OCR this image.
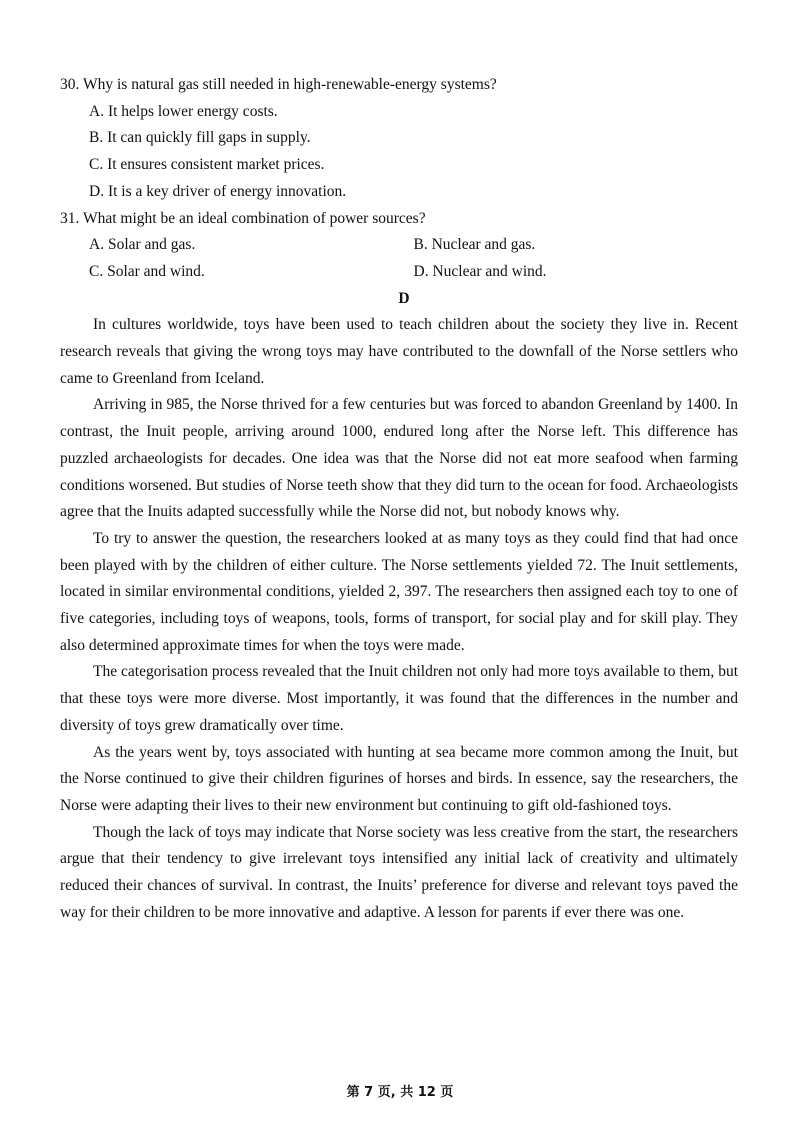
30. Why is natural gas still needed in high-renewable-energy systems?

A. It helps lower energy costs.

B. It can quickly fill gaps in supply.

C. It ensures consistent market prices.

D. It is a key driver of energy innovation.

31. What might be an ideal combination of power sources?

A. Solar and gas.	B. Nuclear and gas.
C. Solar and wind.	D. Nuclear and wind.

D

In cultures worldwide, toys have been used to teach children about the society they live in. Recent research reveals that giving the wrong toys may have contributed to the downfall of the Norse settlers who came to Greenland from Iceland.

Arriving in 985, the Norse thrived for a few centuries but was forced to abandon Greenland by 1400. In contrast, the Inuit people, arriving around 1000, endured long after the Norse left. This difference has puzzled archaeologists for decades. One idea was that the Norse did not eat more seafood when farming conditions worsened. But studies of Norse teeth show that they did turn to the ocean for food. Archaeologists agree that the Inuits adapted successfully while the Norse did not, but nobody knows why.

To try to answer the question, the researchers looked at as many toys as they could find that had once been played with by the children of either culture. The Norse settlements yielded 72. The Inuit settlements, located in similar environmental conditions, yielded 2, 397. The researchers then assigned each toy to one of five categories, including toys of weapons, tools, forms of transport, for social play and for skill play. They also determined approximate times for when the toys were made.

The categorisation process revealed that the Inuit children not only had more toys available to them, but that these toys were more diverse. Most importantly, it was found that the differences in the number and diversity of toys grew dramatically over time.

As the years went by, toys associated with hunting at sea became more common among the Inuit, but the Norse continued to give their children figurines of horses and birds. In essence, say the researchers, the Norse were adapting their lives to their new environment but continuing to gift old-fashioned toys.

Though the lack of toys may indicate that Norse society was less creative from the start, the researchers argue that their tendency to give irrelevant toys intensified any initial lack of creativity and ultimately reduced their chances of survival. In contrast, the Inuits’ preference for diverse and relevant toys paved the way for their children to be more innovative and adaptive. A lesson for parents if ever there was one.

第 7 页, 共 12 页
